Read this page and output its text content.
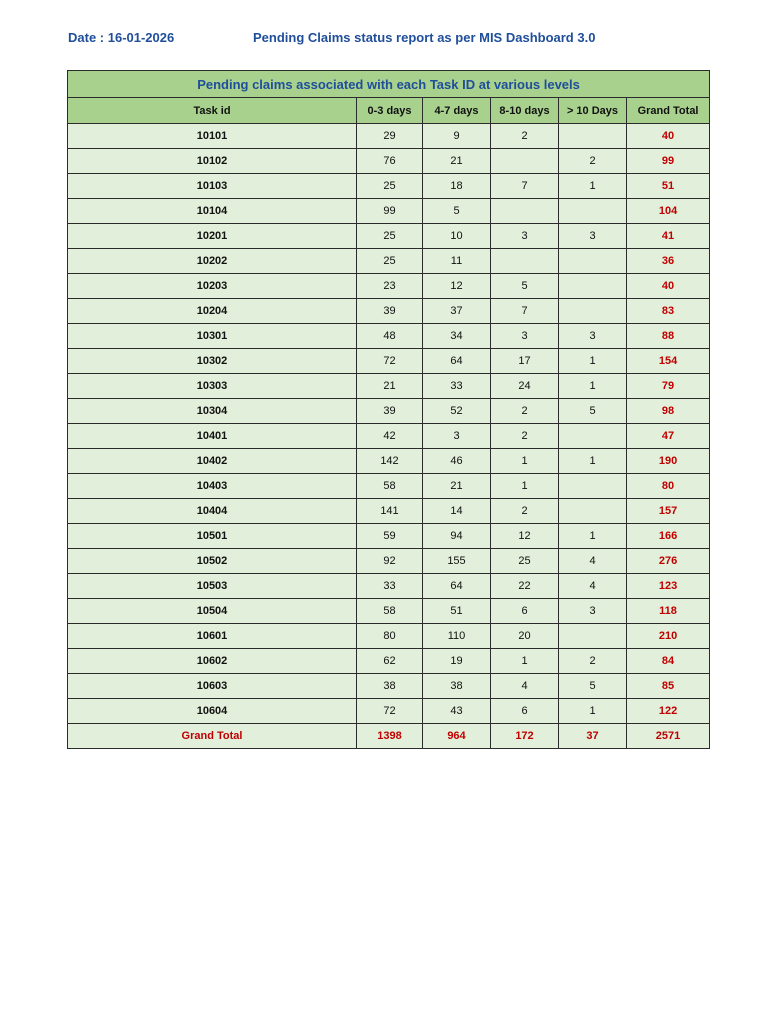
Date : 16-01-2026	Pending Claims status report as per MIS Dashboard 3.0
Pending claims associated with each Task ID at various levels					
Task id	0-3 days	4-7 days	8-10 days	> 10 Days	Grand Total
10101	29	9	2		40
10102	76	21		2	99
10103	25	18	7	1	51
10104	99	5			104
10201	25	10	3	3	41
10202	25	11			36
10203	23	12	5		40
10204	39	37	7		83
10301	48	34	3	3	88
10302	72	64	17	1	154
10303	21	33	24	1	79
10304	39	52	2	5	98
10401	42	3	2		47
10402	142	46	1	1	190
10403	58	21	1		80
10404	141	14	2		157
10501	59	94	12	1	166
10502	92	155	25	4	276
10503	33	64	22	4	123
10504	58	51	6	3	118
10601	80	110	20		210
10602	62	19	1	2	84
10603	38	38	4	5	85
10604	72	43	6	1	122
Grand Total	1398	964	172	37	2571
